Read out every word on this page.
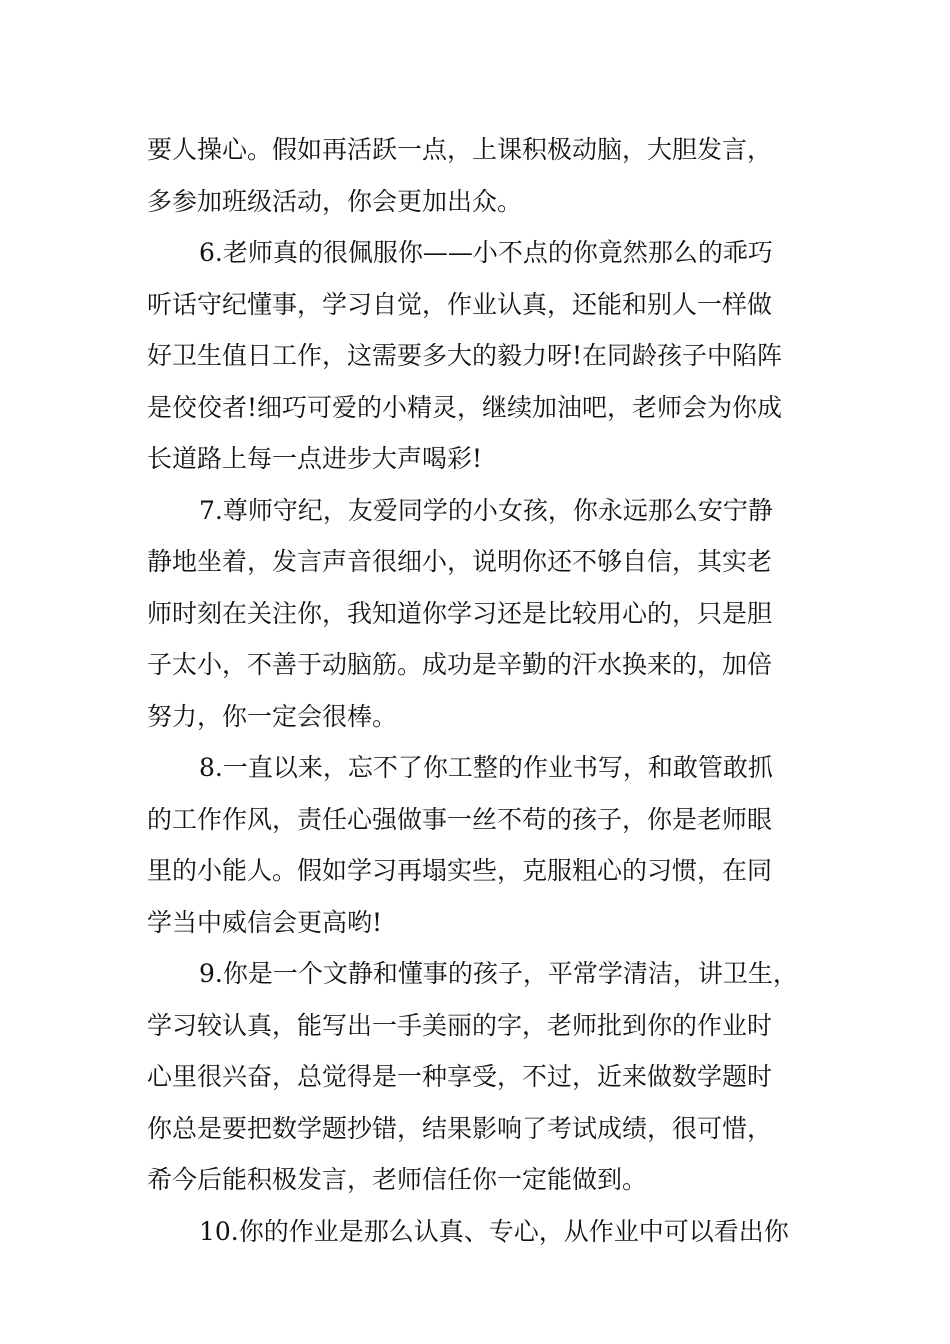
要人操心。假如再活跃一点，上课积极动脑，大胆发言，
多参加班级活动，你会更加出众。
6.老师真的很佩服你——小不点的你竟然那么的乖巧
听话守纪懂事，学习自觉，作业认真，还能和别人一样做
好卫生值日工作，这需要多大的毅力呀!在同龄孩子中陷阵
是佼佼者!细巧可爱的小精灵，继续加油吧，老师会为你成
长道路上每一点进步大声喝彩!
7.尊师守纪，友爱同学的小女孩，你永远那么安宁静
静地坐着，发言声音很细小，说明你还不够自信，其实老
师时刻在关注你，我知道你学习还是比较用心的，只是胆
子太小，不善于动脑筋。成功是辛勤的汗水换来的，加倍
努力，你一定会很棒。
8.一直以来，忘不了你工整的作业书写，和敢管敢抓
的工作作风，责任心强做事一丝不苟的孩子，你是老师眼
里的小能人。假如学习再塌实些，克服粗心的习惯，在同
学当中威信会更高哟!
9.你是一个文静和懂事的孩子，平常学清洁，讲卫生，
学习较认真，能写出一手美丽的字，老师批到你的作业时
心里很兴奋，总觉得是一种享受，不过，近来做数学题时
你总是要把数学题抄错，结果影响了考试成绩，很可惜，
希今后能积极发言，老师信任你一定能做到。
10.你的作业是那么认真、专心，从作业中可以看出你
